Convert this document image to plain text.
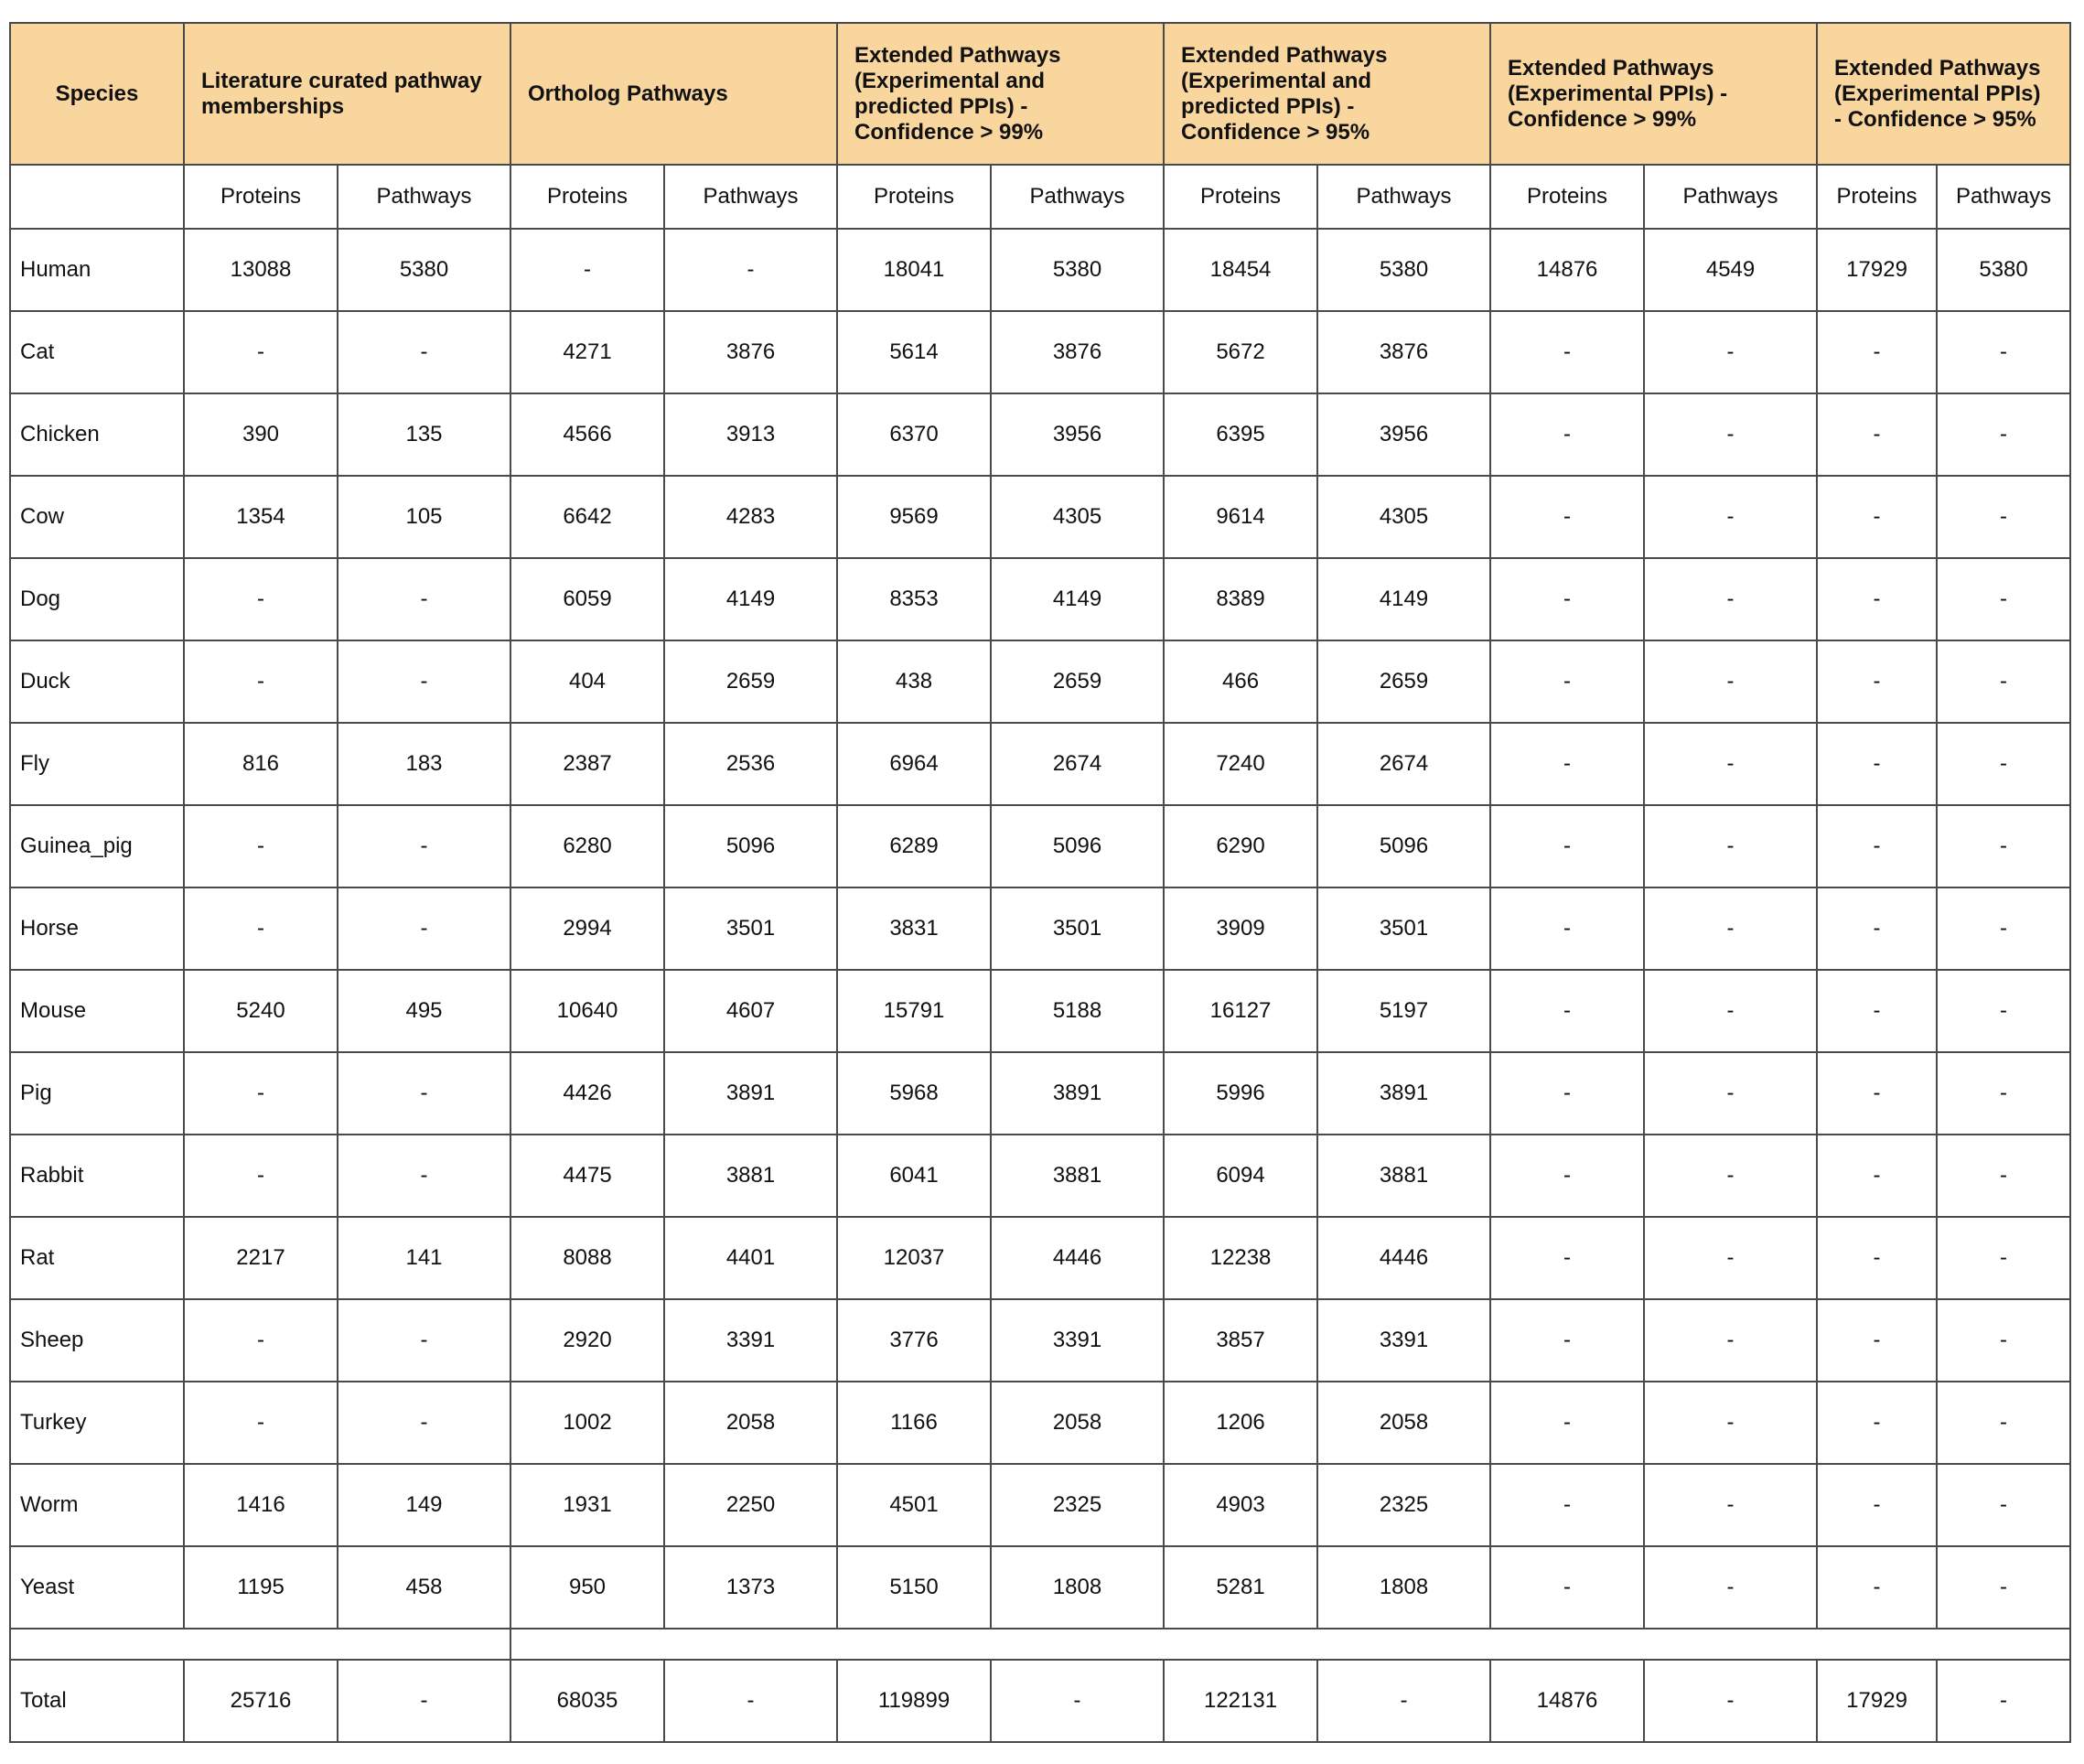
Species	Literature curated pathway memberships		Ortholog Pathways		Extended Pathways (Experimental and predicted PPIs) - Confidence > 99%		Extended Pathways (Experimental and predicted PPIs) - Confidence > 95%		Extended Pathways (Experimental PPIs) - Confidence > 99%		Extended Pathways (Experimental PPIs) - Confidence > 95%	
	Proteins	Pathways	Proteins	Pathways	Proteins	Pathways	Proteins	Pathways	Proteins	Pathways	Proteins	Pathways
Human	13088	5380	-	-	18041	5380	18454	5380	14876	4549	17929	5380
Cat	-	-	4271	3876	5614	3876	5672	3876	-	-	-	-
Chicken	390	135	4566	3913	6370	3956	6395	3956	-	-	-	-
Cow	1354	105	6642	4283	9569	4305	9614	4305	-	-	-	-
Dog	-	-	6059	4149	8353	4149	8389	4149	-	-	-	-
Duck	-	-	404	2659	438	2659	466	2659	-	-	-	-
Fly	816	183	2387	2536	6964	2674	7240	2674	-	-	-	-
Guinea_pig	-	-	6280	5096	6289	5096	6290	5096	-	-	-	-
Horse	-	-	2994	3501	3831	3501	3909	3501	-	-	-	-
Mouse	5240	495	10640	4607	15791	5188	16127	5197	-	-	-	-
Pig	-	-	4426	3891	5968	3891	5996	3891	-	-	-	-
Rabbit	-	-	4475	3881	6041	3881	6094	3881	-	-	-	-
Rat	2217	141	8088	4401	12037	4446	12238	4446	-	-	-	-
Sheep	-	-	2920	3391	3776	3391	3857	3391	-	-	-	-
Turkey	-	-	1002	2058	1166	2058	1206	2058	-	-	-	-
Worm	1416	149	1931	2250	4501	2325	4903	2325	-	-	-	-
Yeast	1195	458	950	1373	5150	1808	5281	1808	-	-	-	-

Total	25716	-	68035	-	119899	-	122131	-	14876	-	17929	-
